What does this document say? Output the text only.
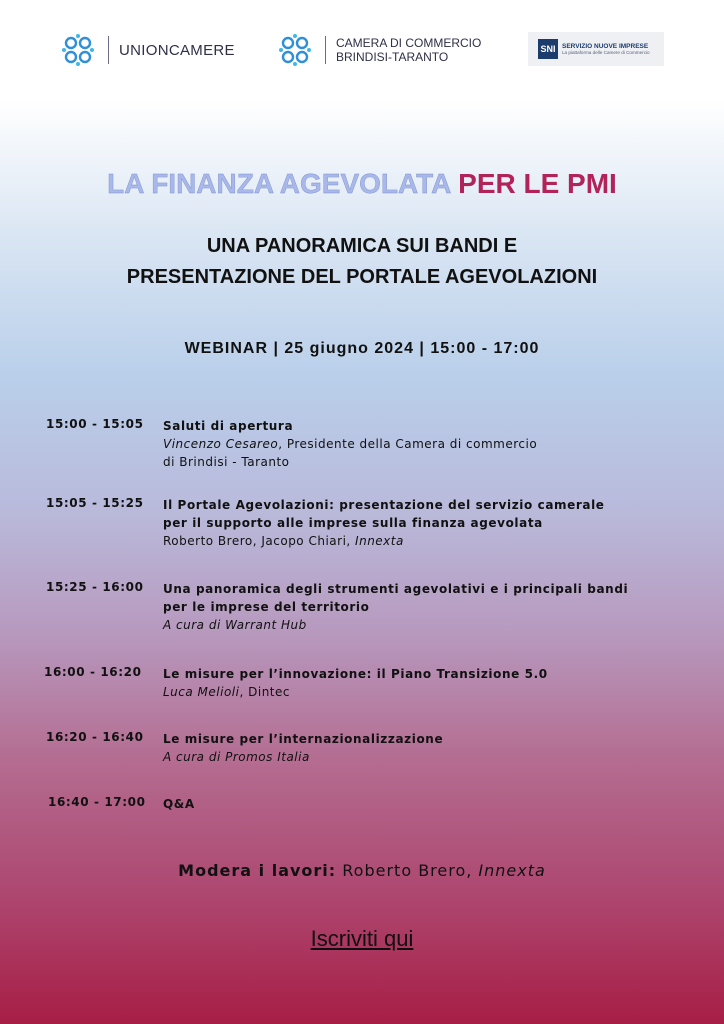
UNIONCAMERE	CAMERA DI COMMERCIO
BRINDISI-TARANTO
SNI	SERVIZIO NUOVE IMPRESE
La piattaforma delle Camere di Commercio
LA FINANZA AGEVOLATA PER LE PMI
UNA PANORAMICA SUI BANDI E
PRESENTAZIONE DEL PORTALE AGEVOLAZIONI
WEBINAR | 25 giugno 2024 | 15:00 - 17:00
15:00 - 15:05 Saluti di apertura
Vincenzo Cesareo, Presidente della Camera di commercio
di Brindisi - Taranto
15:05 - 15:25 Il Portale Agevolazioni: presentazione del servizio camerale
per il supporto alle imprese sulla finanza agevolata
Roberto Brero, Jacopo Chiari, Innexta
15:25 - 16:00 Una panoramica degli strumenti agevolativi e i principali bandi
per le imprese del territorio
A cura di Warrant Hub
16:00 - 16:20 Le misure per l’innovazione: il Piano Transizione 5.0
Luca Melioli, Dintec
16:20 - 16:40 Le misure per l’internazionalizzazione
A cura di Promos Italia
16:40 - 17:00 Q&A
Modera i lavori: Roberto Brero, Innexta
Iscriviti qui
